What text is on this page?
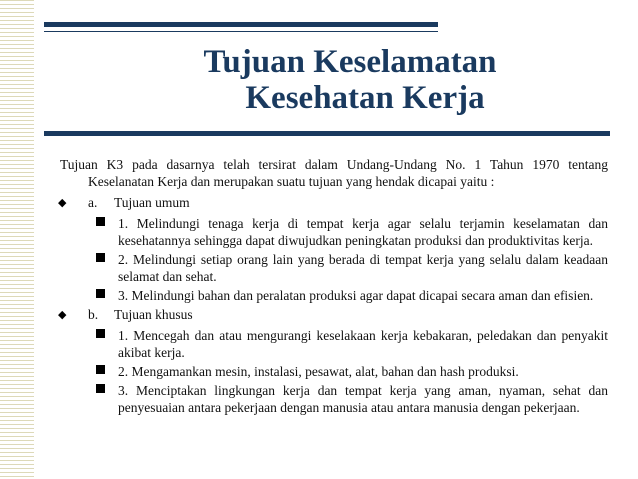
Tujuan Keselamatan
Kesehatan Kerja

Tujuan K3 pada dasarnya telah tersirat dalam Undang-Undang No. 1 Tahun 1970 tentang Keselanatan Kerja dan merupakan suatu tujuan yang hendak dicapai yaitu :

◆ a. Tujuan umum

1. Melindungi tenaga kerja di tempat kerja agar selalu terjamin keselamatan dan kesehatannya sehingga dapat diwujudkan peningkatan produksi dan produktivitas kerja.

2. Melindungi setiap orang lain yang berada di tempat kerja yang selalu dalam keadaan selamat dan sehat.

3. Melindungi bahan dan peralatan produksi agar dapat dicapai secara aman dan efisien.

◆ b. Tujuan khusus

1. Mencegah dan atau mengurangi keselakaan kerja kebakaran, peledakan dan penyakit akibat kerja.

2. Mengamankan mesin, instalasi, pesawat, alat, bahan dan hash produksi.

3. Menciptakan lingkungan kerja dan tempat kerja yang aman, nyaman, sehat dan penyesuaian antara pekerjaan dengan manusia atau antara manusia dengan pekerjaan.
